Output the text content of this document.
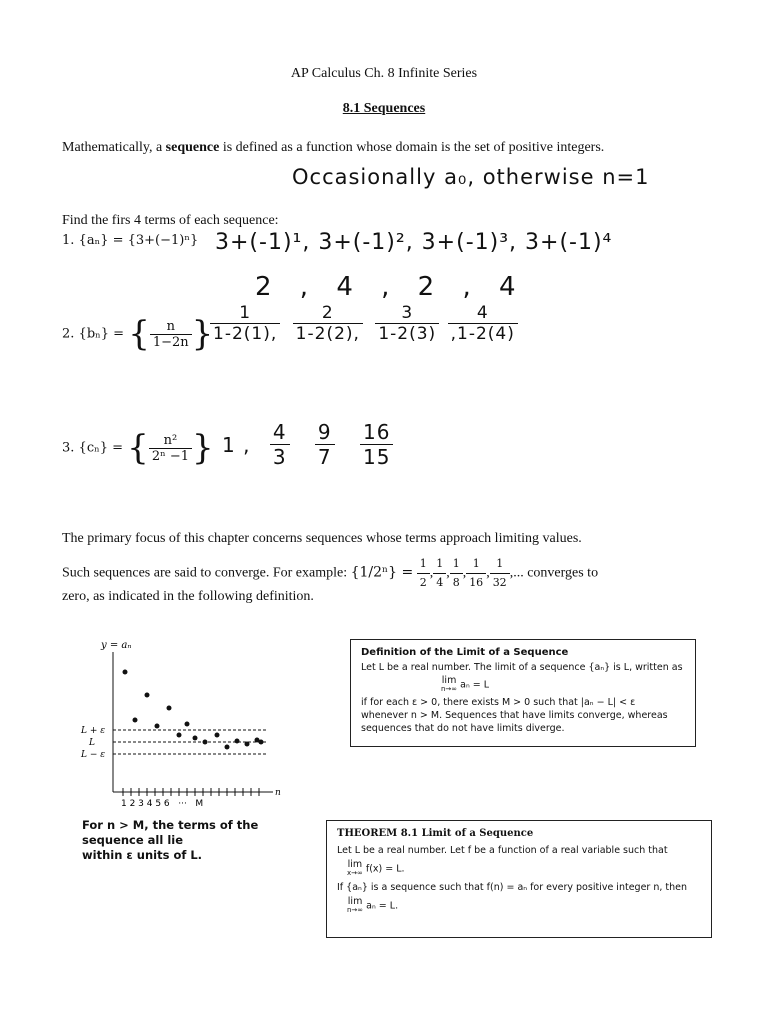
AP Calculus Ch. 8 Infinite Series
8.1 Sequences
Mathematically, a sequence is defined as a function whose domain is the set of positive integers.
Occasionally a₀, otherwise n=1
Find the firs 4 terms of each sequence:
1. {aₙ} = {3+(−1)ⁿ} 3+(-1)¹, 3+(-1)², 3+(-1)³, 3+(-1)⁴
2 , 4 , 2 , 4
2. {bₙ} = { $\frac{n}{1-2n}$ }
$\frac{1}{1-2(1),}$
$\frac{2}{1-2(2),}$
$\frac{3}{1-2(3)}$
$\frac{4}{,1-2(4)}$
3. {cₙ} = { $\frac{\text{n²}}{\text{2ⁿ −1}}$ } 1 , $\frac{4}{3}$
$\frac{9}{7}$
$\frac{16}{15}$
The primary focus of this chapter concerns sequences whose terms approach limiting values.
Such sequences are said to converge. For example: $\{1/2^n\} = \frac{1}{2}$ , $\frac{1}{4}$ , $\frac{1}{8}$ , $\frac{1}{16}$ , $\frac{1}{32}$ ,... converges to
zero, as indicated in the following definition.
y = aₙ
n
1 2 3 4 5 6   ···   M
L + ε
L
L − ε
For n > M, the terms of the sequence all lie
within ε units of L.
Definition of the Limit of a Sequence
Let L be a real number. The limit of a sequence {aₙ} is L, written as
lim
n→∞ aₙ = L
if for each ε > 0, there exists M > 0 such that |aₙ − L| < ε whenever n > M. Sequences that have limits converge, whereas sequences that do not have limits diverge.
THEOREM 8.1 Limit of a Sequence
Let L be a real number. Let f be a function of a real variable such that
lim
x→∞ f(x) = L.
If {aₙ} is a sequence such that f(n) = aₙ for every positive integer n, then
lim
n→∞ aₙ = L.
